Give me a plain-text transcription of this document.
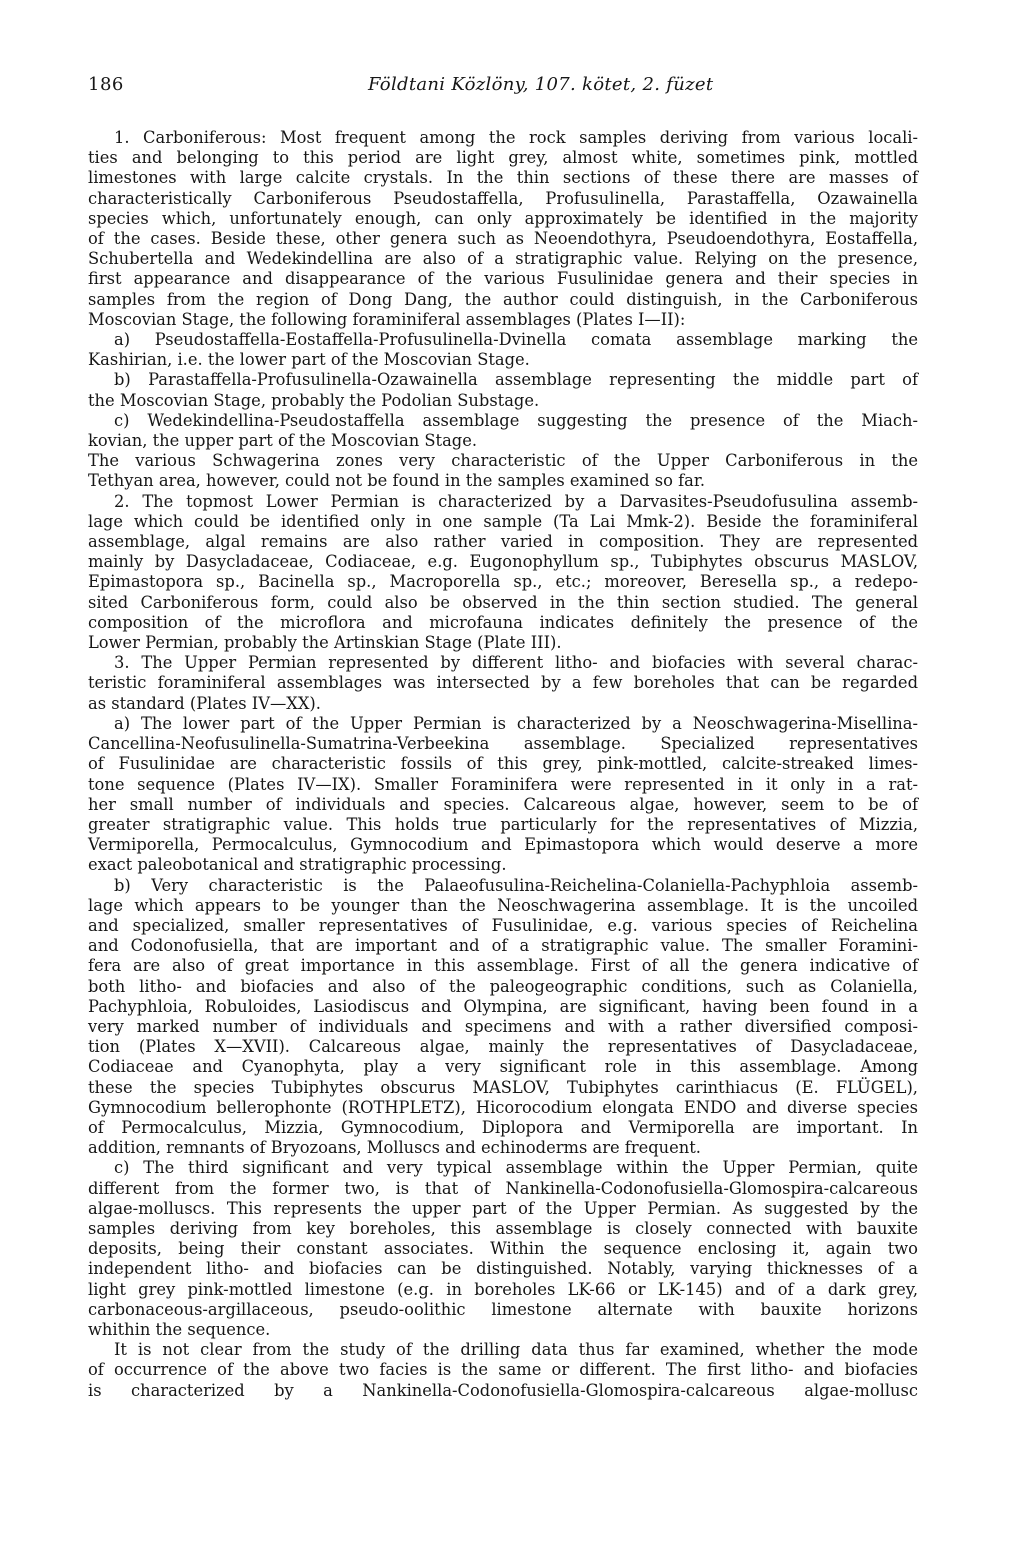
186	Földtani Közlöny, 107. kötet, 2. füzet
1. Carboniferous: Most frequent among the rock samples deriving from various locali-
ties and belonging to this period are light grey, almost white, sometimes pink, mottled
limestones with large calcite crystals. In the thin sections of these there are masses of
characteristically Carboniferous Pseudostaffella, Profusulinella, Parastaffella, Ozawainella
species which, unfortunately enough, can only approximately be identified in the majority
of the cases. Beside these, other genera such as Neoendothyra, Pseudoendothyra, Eostaffella,
Schubertella and Wedekindellina are also of a stratigraphic value. Relying on the presence,
first appearance and disappearance of the various Fusulinidae genera and their species in
samples from the region of Dong Dang, the author could distinguish, in the Carboniferous
Moscovian Stage, the following foraminiferal assemblages (Plates I—II):
a) Pseudostaffella-Eostaffella-Profusulinella-Dvinella comata assemblage marking the
Kashirian, i.e. the lower part of the Moscovian Stage.
b) Parastaffella-Profusulinella-Ozawainella assemblage representing the middle part of
the Moscovian Stage, probably the Podolian Substage.
c) Wedekindellina-Pseudostaffella assemblage suggesting the presence of the Miach-
kovian, the upper part of the Moscovian Stage.
The various Schwagerina zones very characteristic of the Upper Carboniferous in the
Tethyan area, however, could not be found in the samples examined so far.
2. The topmost Lower Permian is characterized by a Darvasites-Pseudofusulina assemb-
lage which could be identified only in one sample (Ta Lai Mmk-2). Beside the foraminiferal
assemblage, algal remains are also rather varied in composition. They are represented
mainly by Dasycladaceae, Codiaceae, e.g. Eugonophyllum sp., Tubiphytes obscurus MASLOV,
Epimastopora sp., Bacinella sp., Macroporella sp., etc.; moreover, Beresella sp., a redepo-
sited Carboniferous form, could also be observed in the thin section studied. The general
composition of the microflora and microfauna indicates definitely the presence of the
Lower Permian, probably the Artinskian Stage (Plate III).
3. The Upper Permian represented by different litho- and biofacies with several charac-
teristic foraminiferal assemblages was intersected by a few boreholes that can be regarded
as standard (Plates IV—XX).
a) The lower part of the Upper Permian is characterized by a Neoschwagerina-Misellina-
Cancellina-Neofusulinella-Sumatrina-Verbeekina assemblage. Specialized representatives
of Fusulinidae are characteristic fossils of this grey, pink-mottled, calcite-streaked limes-
tone sequence (Plates IV—IX). Smaller Foraminifera were represented in it only in a rat-
her small number of individuals and species. Calcareous algae, however, seem to be of
greater stratigraphic value. This holds true particularly for the representatives of Mizzia,
Vermiporella, Permocalculus, Gymnocodium and Epimastopora which would deserve a more
exact paleobotanical and stratigraphic processing.
b) Very characteristic is the Palaeofusulina-Reichelina-Colaniella-Pachyphloia assemb-
lage which appears to be younger than the Neoschwagerina assemblage. It is the uncoiled
and specialized, smaller representatives of Fusulinidae, e.g. various species of Reichelina
and Codonofusiella, that are important and of a stratigraphic value. The smaller Foramini-
fera are also of great importance in this assemblage. First of all the genera indicative of
both litho- and biofacies and also of the paleogeographic conditions, such as Colaniella,
Pachyphloia, Robuloides, Lasiodiscus and Olympina, are significant, having been found in a
very marked number of individuals and specimens and with a rather diversified composi-
tion (Plates X—XVII). Calcareous algae, mainly the representatives of Dasycladaceae,
Codiaceae and Cyanophyta, play a very significant role in this assemblage. Among
these the species Tubiphytes obscurus MASLOV, Tubiphytes carinthiacus (E. FLÜGEL),
Gymnocodium bellerophonte (ROTHPLETZ), Hicorocodium elongata ENDO and diverse species
of Permocalculus, Mizzia, Gymnocodium, Diplopora and Vermiporella are important. In
addition, remnants of Bryozoans, Molluscs and echinoderms are frequent.
c) The third significant and very typical assemblage within the Upper Permian, quite
different from the former two, is that of Nankinella-Codonofusiella-Glomospira-calcareous
algae-molluscs. This represents the upper part of the Upper Permian. As suggested by the
samples deriving from key boreholes, this assemblage is closely connected with bauxite
deposits, being their constant associates. Within the sequence enclosing it, again two
independent litho- and biofacies can be distinguished. Notably, varying thicknesses of a
light grey pink-mottled limestone (e.g. in boreholes LK-66 or LK-145) and of a dark grey,
carbonaceous-argillaceous, pseudo-oolithic limestone alternate with bauxite horizons
whithin the sequence.
It is not clear from the study of the drilling data thus far examined, whether the mode
of occurrence of the above two facies is the same or different. The first litho- and biofacies
is characterized by a Nankinella-Codonofusiella-Glomospira-calcareous algae-mollusc
